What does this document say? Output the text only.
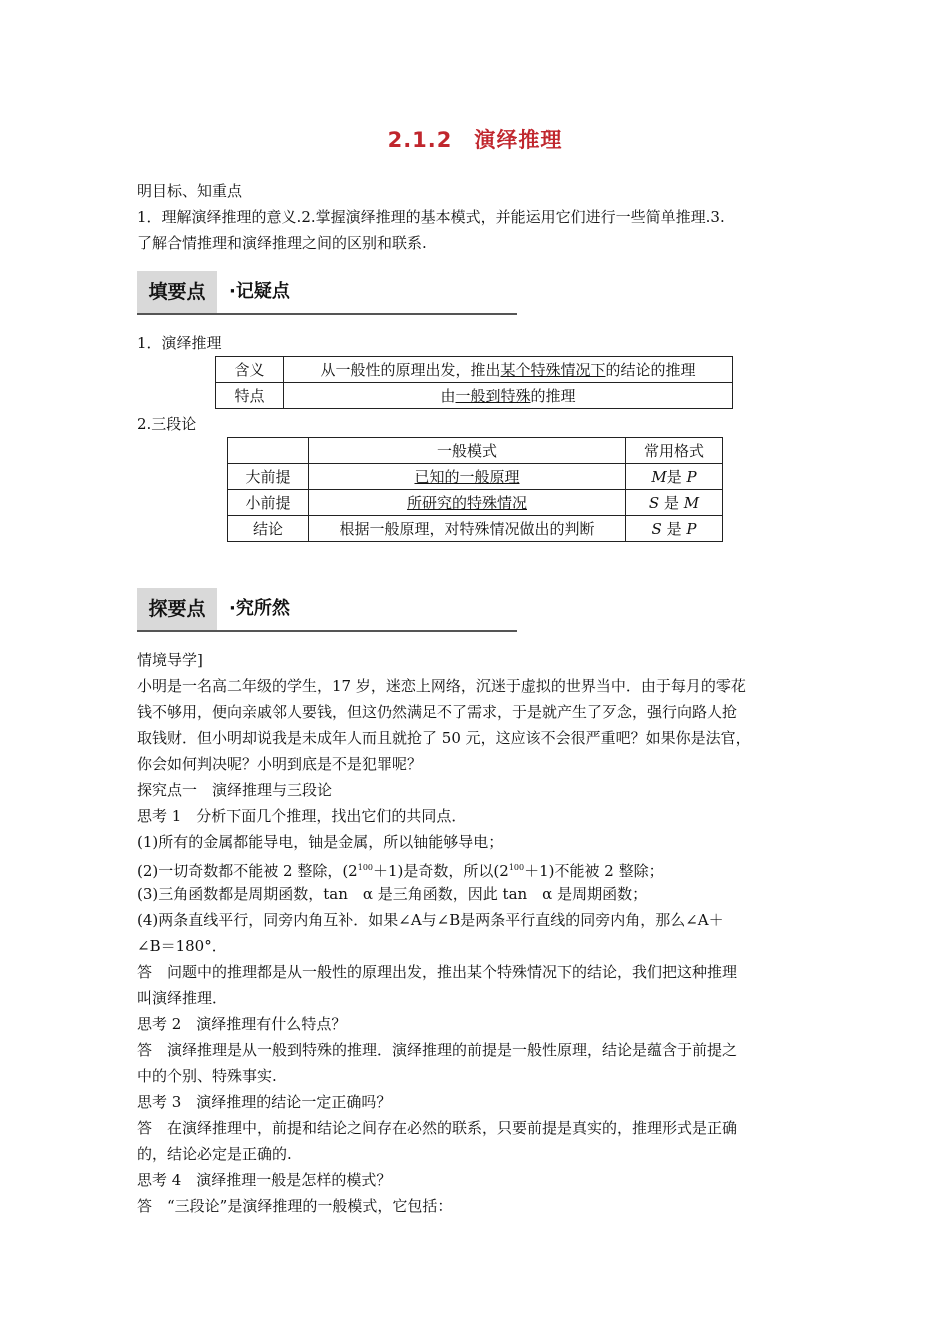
2.1.2 演绎推理
明目标、知重点
1．理解演绎推理的意义.2.掌握演绎推理的基本模式，并能运用它们进行一些简单推理.3.
了解合情推理和演绎推理之间的区别和联系.
填要点	·记疑点
1．演绎推理
含义	从一般性的原理出发，推出某个特殊情况下的结论的推理
特点	由一般到特殊的推理
2.三段论
	一般模式	常用格式
大前提	已知的一般原理	M是 P
小前提	所研究的特殊情况	S 是 M
结论	根据一般原理，对特殊情况做出的判断	S 是 P
探要点	·究所然
情境导学]
小明是一名高二年级的学生，17 岁，迷恋上网络，沉迷于虚拟的世界当中．由于每月的零花
钱不够用，便向亲戚邻人要钱，但这仍然满足不了需求，于是就产生了歹念，强行向路人抢
取钱财．但小明却说我是未成年人而且就抢了 50 元，这应该不会很严重吧？如果你是法官，
你会如何判决呢？小明到底是不是犯罪呢？
探究点一　演绎推理与三段论
思考 1　分析下面几个推理，找出它们的共同点．
(1)所有的金属都能导电，铀是金属，所以铀能够导电；
(2)一切奇数都不能被 2 整除，$(2^{100}+1)$是奇数，所以$(2^{100}+1)$不能被 2 整除；
(3)三角函数都是周期函数，tan　α 是三角函数，因此 tan　α 是周期函数；
(4)两条直线平行，同旁内角互补．如果∠A与∠B是两条平行直线的同旁内角，那么∠A＋
∠B＝180°．
答　问题中的推理都是从一般性的原理出发，推出某个特殊情况下的结论，我们把这种推理
叫演绎推理．
思考 2　演绎推理有什么特点？
答　演绎推理是从一般到特殊的推理．演绎推理的前提是一般性原理，结论是蕴含于前提之
中的个别、特殊事实.
思考 3　演绎推理的结论一定正确吗？
答　在演绎推理中，前提和结论之间存在必然的联系，只要前提是真实的，推理形式是正确
的，结论必定是正确的.
思考 4　演绎推理一般是怎样的模式？
答　“三段论”是演绎推理的一般模式，它包括：
